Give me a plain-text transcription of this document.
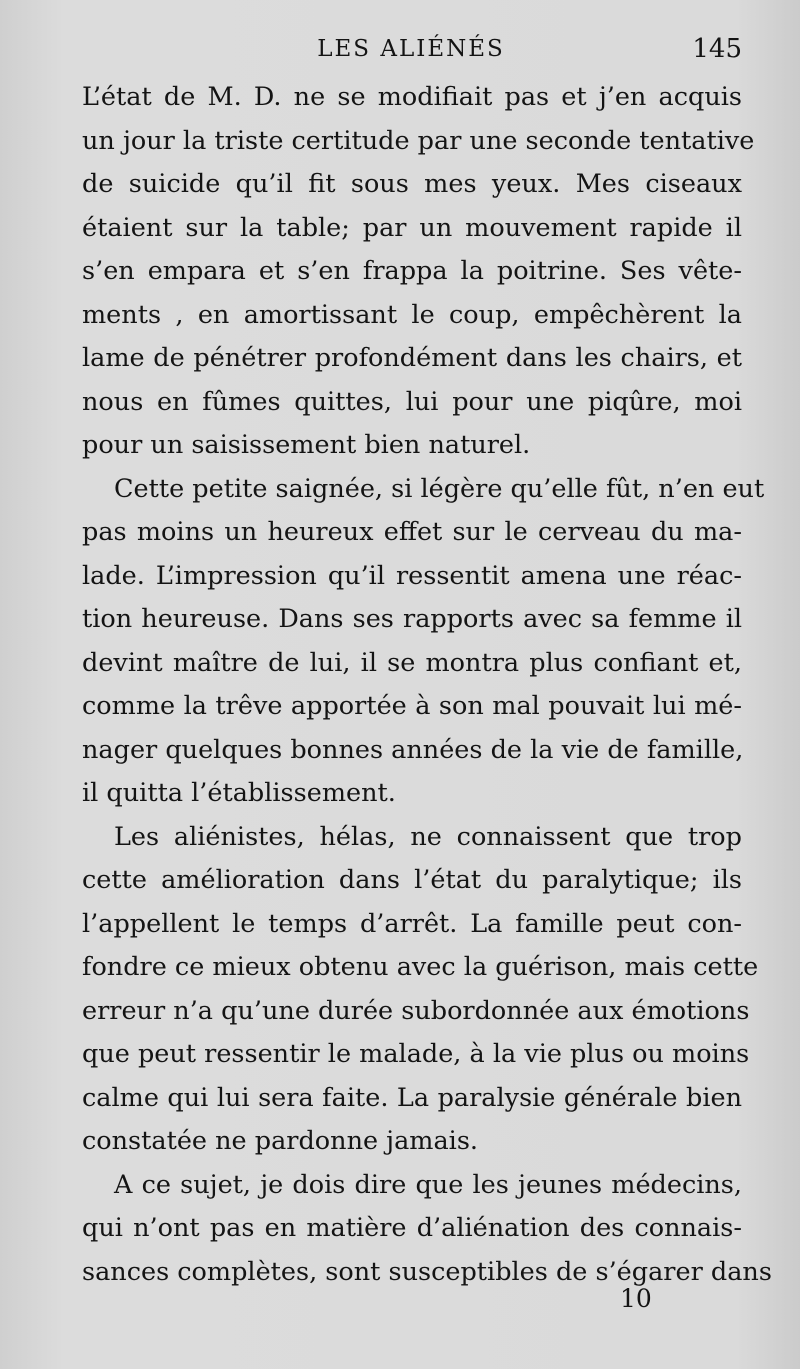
LES ALIÉNÉS	145
L’état de M. D. ne se modifiait pas et j’en acquis
un jour la triste certitude par une seconde tentative
de suicide qu’il fit sous mes yeux. Mes ciseaux
étaient sur la table; par un mouvement rapide il
s’en empara et s’en frappa la poitrine. Ses vête-
ments , en amortissant le coup, empêchèrent la
lame de pénétrer profondément dans les chairs, et
nous en fûmes quittes, lui pour une piqûre, moi
pour un saisissement bien naturel.
Cette petite saignée, si légère qu’elle fût, n’en eut
pas moins un heureux effet sur le cerveau du ma-
lade. L’impression qu’il ressentit amena une réac-
tion heureuse. Dans ses rapports avec sa femme il
devint maître de lui, il se montra plus confiant et,
comme la trêve apportée à son mal pouvait lui mé-
nager quelques bonnes années de la vie de famille,
il quitta l’établissement.
Les aliénistes, hélas, ne connaissent que trop
cette amélioration dans l’état du paralytique; ils
l’appellent le temps d’arrêt. La famille peut con-
fondre ce mieux obtenu avec la guérison, mais cette
erreur n’a qu’une durée subordonnée aux émotions
que peut ressentir le malade, à la vie plus ou moins
calme qui lui sera faite. La paralysie générale bien
constatée ne pardonne jamais.
A ce sujet, je dois dire que les jeunes médecins,
qui n’ont pas en matière d’aliénation des connais-
sances complètes, sont susceptibles de s’égarer dans
10
